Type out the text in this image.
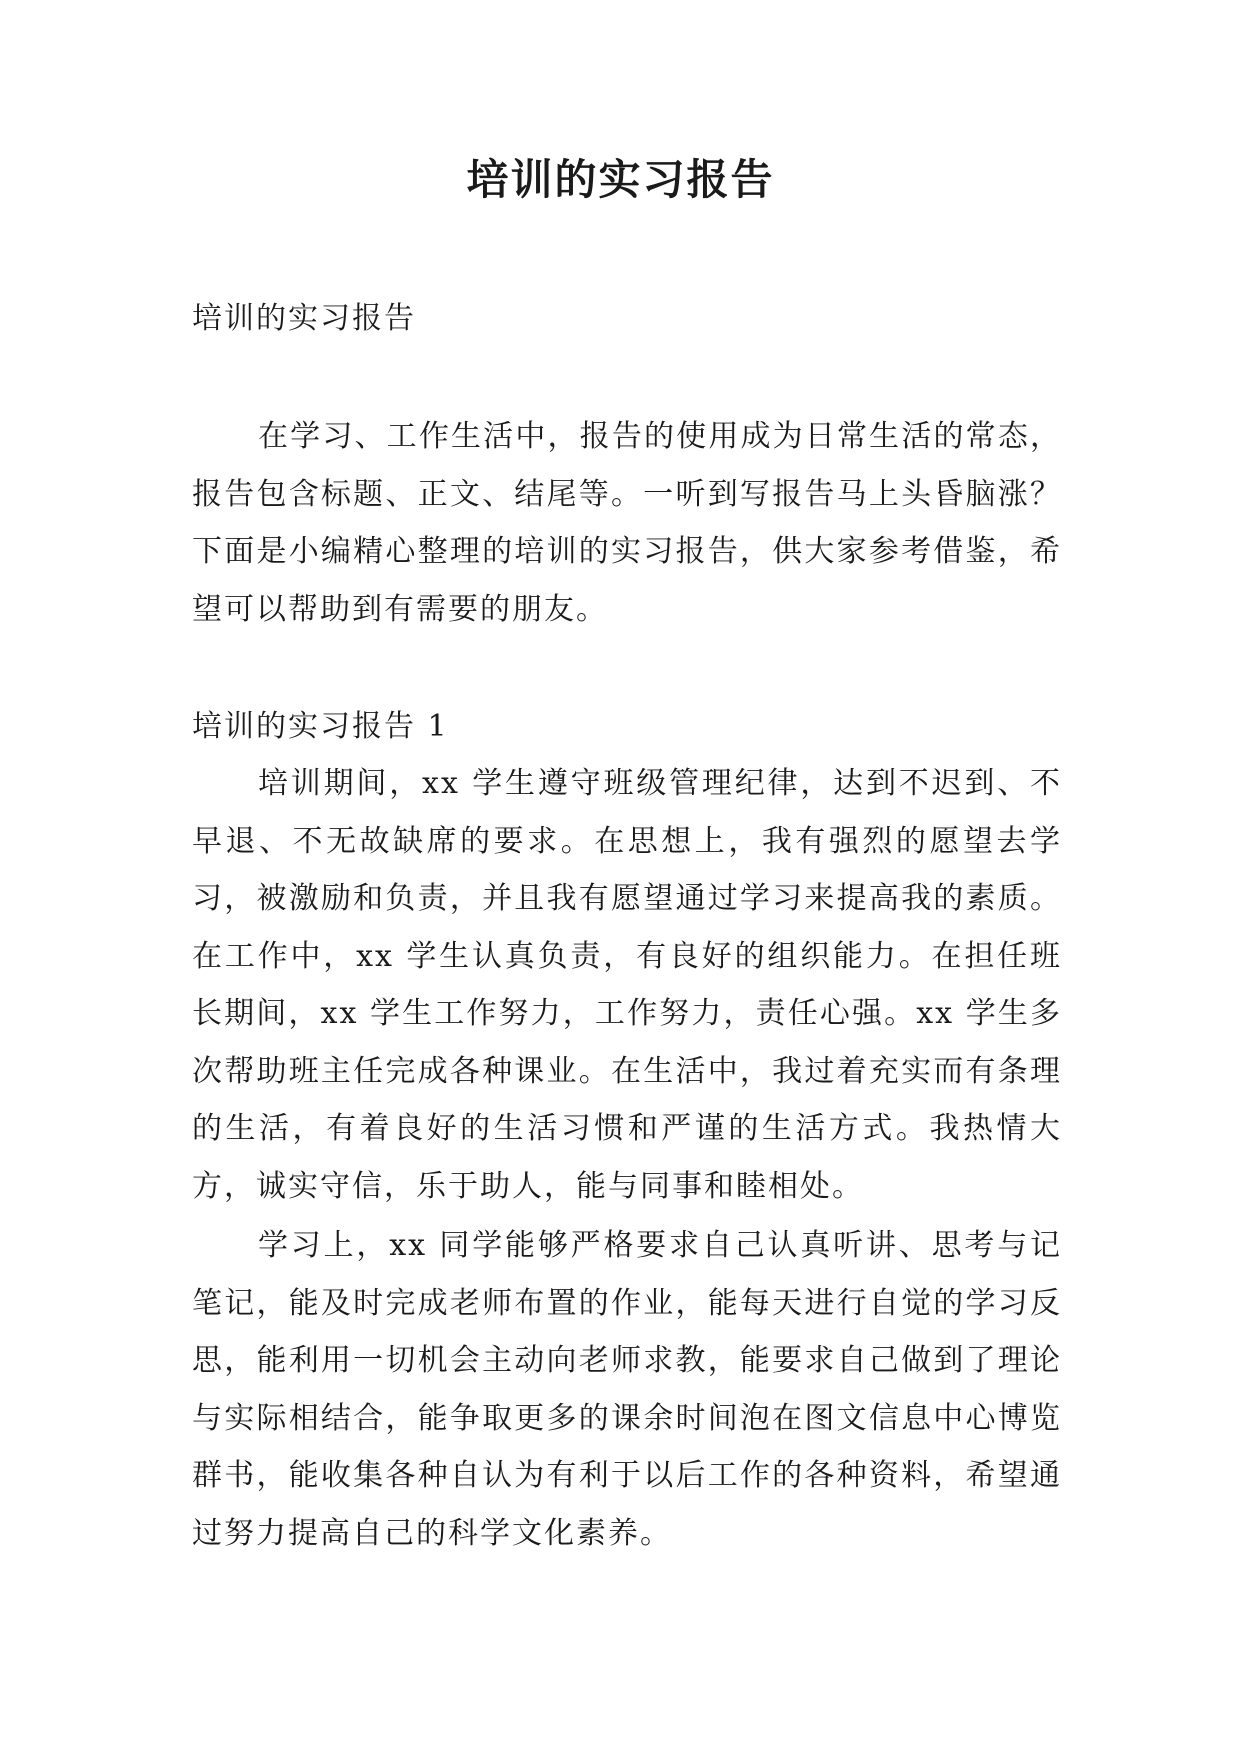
培训的实习报告

培训的实习报告

在学习、工作生活中，报告的使用成为日常生活的常态，报告包含标题、正文、结尾等。一听到写报告马上头昏脑涨？下面是小编精心整理的培训的实习报告，供大家参考借鉴，希望可以帮助到有需要的朋友。

培训的实习报告 1

培训期间，xx 学生遵守班级管理纪律，达到不迟到、不早退、不无故缺席的要求。在思想上，我有强烈的愿望去学习，被激励和负责，并且我有愿望通过学习来提高我的素质。在工作中，xx 学生认真负责，有良好的组织能力。在担任班长期间，xx 学生工作努力，工作努力，责任心强。xx 学生多次帮助班主任完成各种课业。在生活中，我过着充实而有条理的生活，有着良好的生活习惯和严谨的生活方式。我热情大方，诚实守信，乐于助人，能与同事和睦相处。

学习上，xx 同学能够严格要求自己认真听讲、思考与记笔记，能及时完成老师布置的作业，能每天进行自觉的学习反思，能利用一切机会主动向老师求教，能要求自己做到了理论与实际相结合，能争取更多的课余时间泡在图文信息中心博览群书，能收集各种自认为有利于以后工作的各种资料，希望通过努力提高自己的科学文化素养。
